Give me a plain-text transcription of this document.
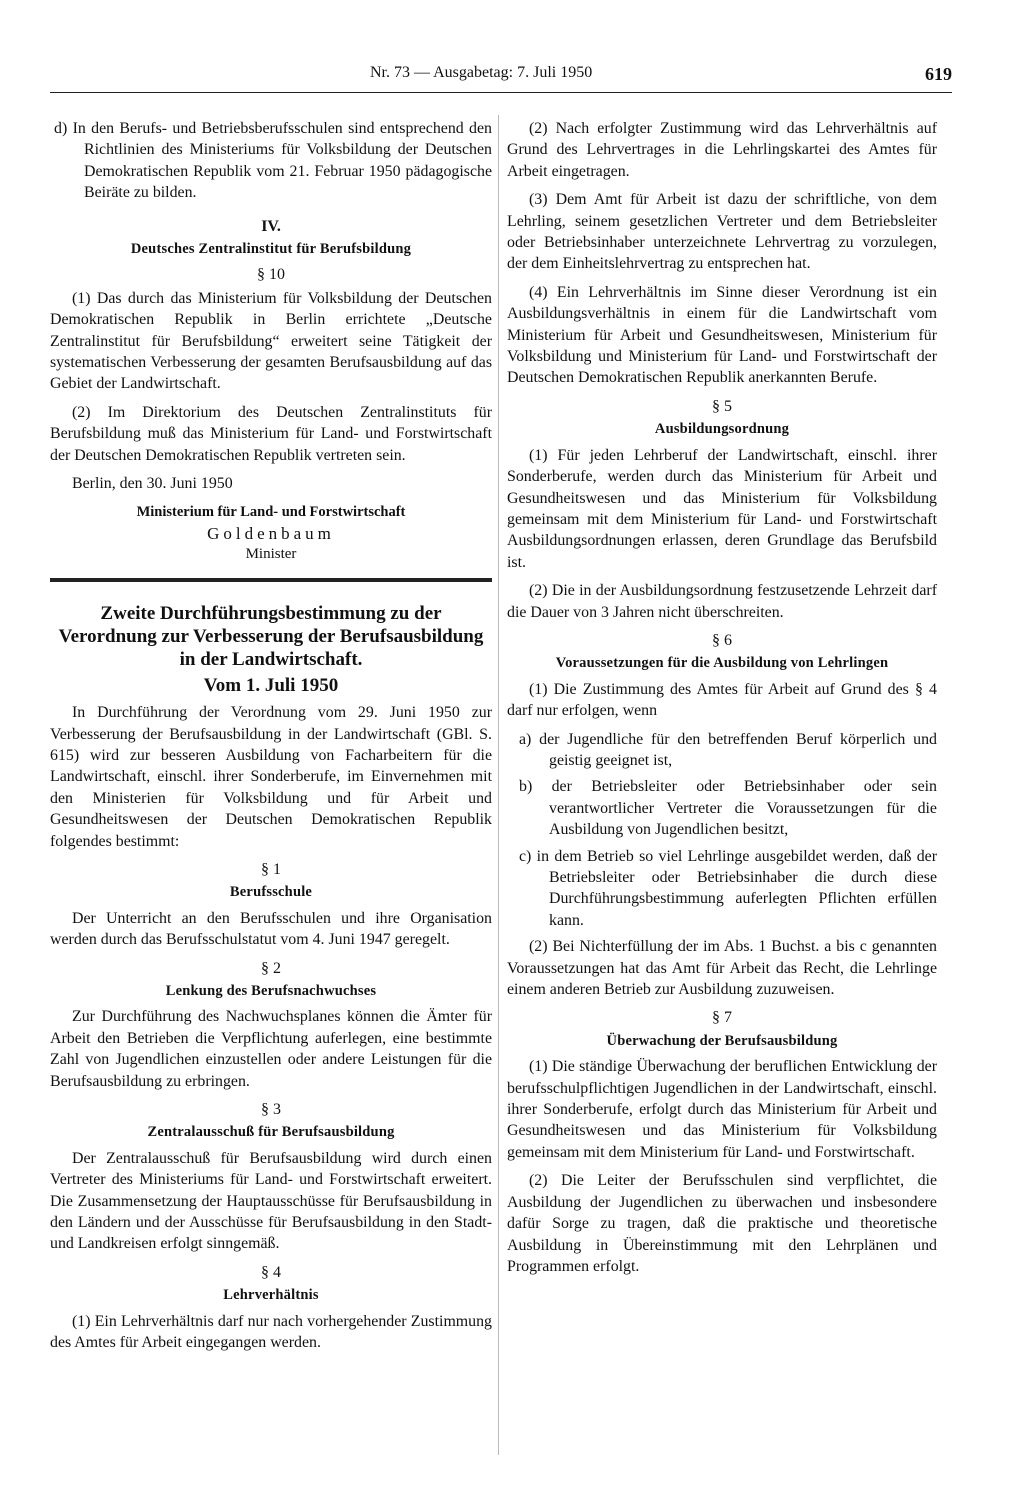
Nr. 73 — Ausgabetag: 7. Juli 1950	619

d) In den Berufs- und Betriebsberufsschulen sind entsprechend den Richtlinien des Ministeriums für Volksbildung der Deutschen Demokratischen Republik vom 21. Februar 1950 pädagogische Beiräte zu bilden.

IV.

Deutsches Zentralinstitut für Berufsbildung

§ 10

(1) Das durch das Ministerium für Volksbildung der Deutschen Demokratischen Republik in Berlin errichtete „Deutsche Zentralinstitut für Berufsbildung“ erweitert seine Tätigkeit der systematischen Verbesserung der gesamten Berufsausbildung auf das Gebiet der Landwirtschaft.

(2) Im Direktorium des Deutschen Zentralinstituts für Berufsbildung muß das Ministerium für Land- und Forstwirtschaft der Deutschen Demokratischen Republik vertreten sein.

Berlin, den 30. Juni 1950

Ministerium für Land- und Forstwirtschaft

Goldenbaum

Minister

Zweite Durchführungsbestimmung zu der Verordnung zur Verbesserung der Berufsausbildung in der Landwirtschaft.

Vom 1. Juli 1950

In Durchführung der Verordnung vom 29. Juni 1950 zur Verbesserung der Berufsausbildung in der Landwirtschaft (GBl. S. 615) wird zur besseren Ausbildung von Facharbeitern für die Landwirtschaft, einschl. ihrer Sonderberufe, im Einvernehmen mit den Ministerien für Volksbildung und für Arbeit und Gesundheitswesen der Deutschen Demokratischen Republik folgendes bestimmt:

§ 1

Berufsschule

Der Unterricht an den Berufsschulen und ihre Organisation werden durch das Berufsschulstatut vom 4. Juni 1947 geregelt.

§ 2

Lenkung des Berufsnachwuchses

Zur Durchführung des Nachwuchsplanes können die Ämter für Arbeit den Betrieben die Verpflichtung auferlegen, eine bestimmte Zahl von Jugendlichen einzustellen oder andere Leistungen für die Berufsausbildung zu erbringen.

§ 3

Zentralausschuß für Berufsausbildung

Der Zentralausschuß für Berufsausbildung wird durch einen Vertreter des Ministeriums für Land- und Forstwirtschaft erweitert. Die Zusammensetzung der Hauptausschüsse für Berufsausbildung in den Ländern und der Ausschüsse für Berufsausbildung in den Stadt- und Landkreisen erfolgt sinngemäß.

§ 4

Lehrverhältnis

(1) Ein Lehrverhältnis darf nur nach vorhergehender Zustimmung des Amtes für Arbeit eingegangen werden.

(2) Nach erfolgter Zustimmung wird das Lehrverhältnis auf Grund des Lehrvertrages in die Lehrlingskartei des Amtes für Arbeit eingetragen.

(3) Dem Amt für Arbeit ist dazu der schriftliche, von dem Lehrling, seinem gesetzlichen Vertreter und dem Betriebsleiter oder Betriebsinhaber unterzeichnete Lehrvertrag zu vorzulegen, der dem Einheitslehrvertrag zu entsprechen hat.

(4) Ein Lehrverhältnis im Sinne dieser Verordnung ist ein Ausbildungsverhältnis in einem für die Landwirtschaft vom Ministerium für Arbeit und Gesundheitswesen, Ministerium für Volksbildung und Ministerium für Land- und Forstwirtschaft der Deutschen Demokratischen Republik anerkannten Berufe.

§ 5

Ausbildungsordnung

(1) Für jeden Lehrberuf der Landwirtschaft, einschl. ihrer Sonderberufe, werden durch das Ministerium für Arbeit und Gesundheitswesen und das Ministerium für Volksbildung gemeinsam mit dem Ministerium für Land- und Forstwirtschaft Ausbildungsordnungen erlassen, deren Grundlage das Berufsbild ist.

(2) Die in der Ausbildungsordnung festzusetzende Lehrzeit darf die Dauer von 3 Jahren nicht überschreiten.

§ 6

Voraussetzungen für die Ausbildung von Lehrlingen

(1) Die Zustimmung des Amtes für Arbeit auf Grund des § 4 darf nur erfolgen, wenn

a) der Jugendliche für den betreffenden Beruf körperlich und geistig geeignet ist,

b) der Betriebsleiter oder Betriebsinhaber oder sein verantwortlicher Vertreter die Voraussetzungen für die Ausbildung von Jugendlichen besitzt,

c) in dem Betrieb so viel Lehrlinge ausgebildet werden, daß der Betriebsleiter oder Betriebsinhaber die durch diese Durchführungsbestimmung auferlegten Pflichten erfüllen kann.

(2) Bei Nichterfüllung der im Abs. 1 Buchst. a bis c genannten Voraussetzungen hat das Amt für Arbeit das Recht, die Lehrlinge einem anderen Betrieb zur Ausbildung zuzuweisen.

§ 7

Überwachung der Berufsausbildung

(1) Die ständige Überwachung der beruflichen Entwicklung der berufsschulpflichtigen Jugendlichen in der Landwirtschaft, einschl. ihrer Sonderberufe, erfolgt durch das Ministerium für Arbeit und Gesundheitswesen und das Ministerium für Volksbildung gemeinsam mit dem Ministerium für Land- und Forstwirtschaft.

(2) Die Leiter der Berufsschulen sind verpflichtet, die Ausbildung der Jugendlichen zu überwachen und insbesondere dafür Sorge zu tragen, daß die praktische und theoretische Ausbildung in Übereinstimmung mit den Lehrplänen und Programmen erfolgt.
